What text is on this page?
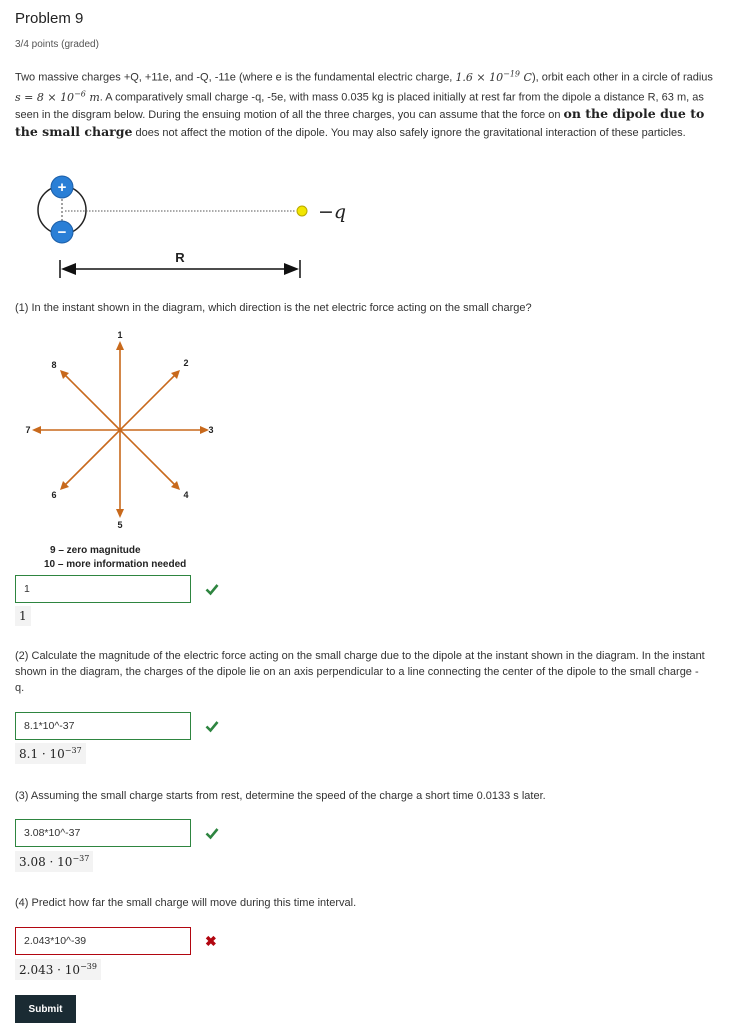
Problem 9
3/4 points (graded)
Two massive charges +Q, +11e, and -Q, -11e (where e is the fundamental electric charge, $1.6 \times 10^{-19}$ C), orbit each other in a circle of radius $s = 8 \times 10^{-6}$ m. A comparatively small charge -q, -5e, with mass 0.035 kg is placed initially at rest far from the dipole a distance R, 63 m, as seen in the disgram below. During the ensuing motion of all the three charges, you can assume that the force on on the dipole due to the small charge does not affect the motion of the dipole. You may also safely ignore the gravitational interaction of these particles.
+
−
−q
R
(1) In the instant shown in the diagram, which direction is the net electric force acting on the small charge?
1
2
3
4
5
6
7
8
9 – zero magnitude
10 – more information needed
1
1
(2) Calculate the magnitude of the electric force acting on the small charge due to the dipole at the instant shown in the diagram. In the instant shown in the diagram, the charges of the dipole lie on an axis perpendicular to a line connecting the center of the dipole to the small charge -q.
8.1*10^-37
$8.1 \cdot 10^{-37}$
(3) Assuming the small charge starts from rest, determine the speed of the charge a short time 0.0133 s later.
3.08*10^-37
$3.08 \cdot 10^{-37}$
(4) Predict how far the small charge will move during this time interval.
2.043*10^-39
✖
$2.043 \cdot 10^{-39}$
Submit
